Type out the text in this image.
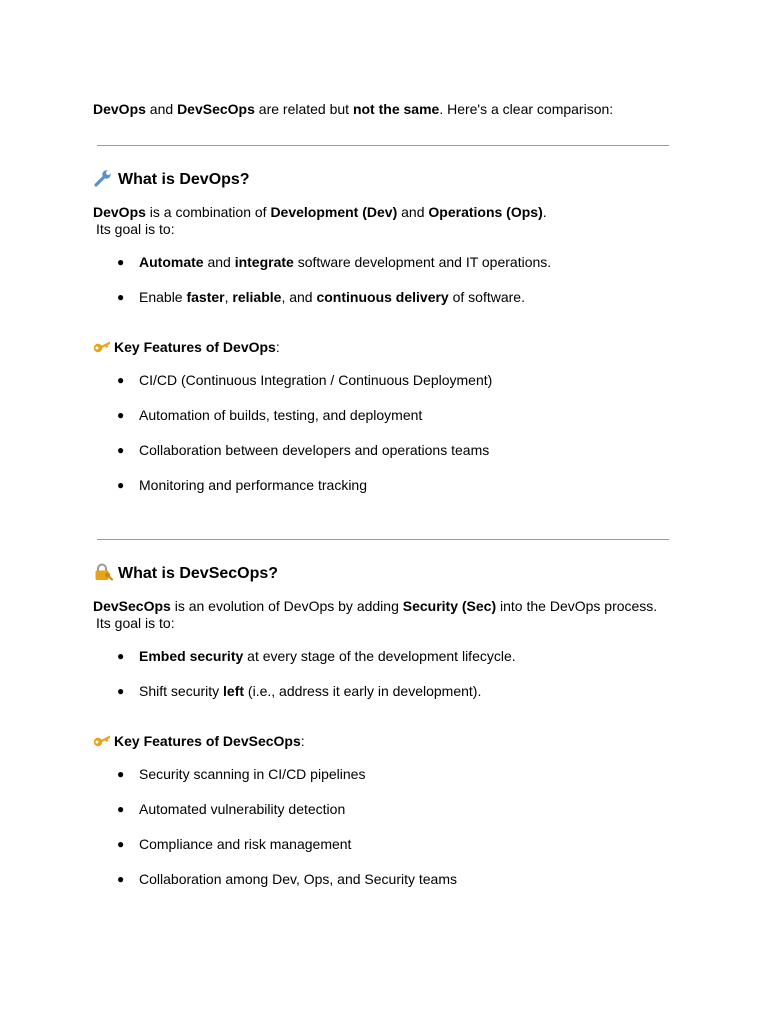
DevOps and DevSecOps are related but not the same. Here's a clear comparison:
What is DevOps?
DevOps is a combination of Development (Dev) and Operations (Ops).
Its goal is to:
● Automate and integrate software development and IT operations.
● Enable faster, reliable, and continuous delivery of software.
Key Features of DevOps:
● CI/CD (Continuous Integration / Continuous Deployment)
● Automation of builds, testing, and deployment
● Collaboration between developers and operations teams
● Monitoring and performance tracking
What is DevSecOps?
DevSecOps is an evolution of DevOps by adding Security (Sec) into the DevOps process.
Its goal is to:
● Embed security at every stage of the development lifecycle.
● Shift security left (i.e., address it early in development).
Key Features of DevSecOps:
● Security scanning in CI/CD pipelines
● Automated vulnerability detection
● Compliance and risk management
● Collaboration among Dev, Ops, and Security teams
